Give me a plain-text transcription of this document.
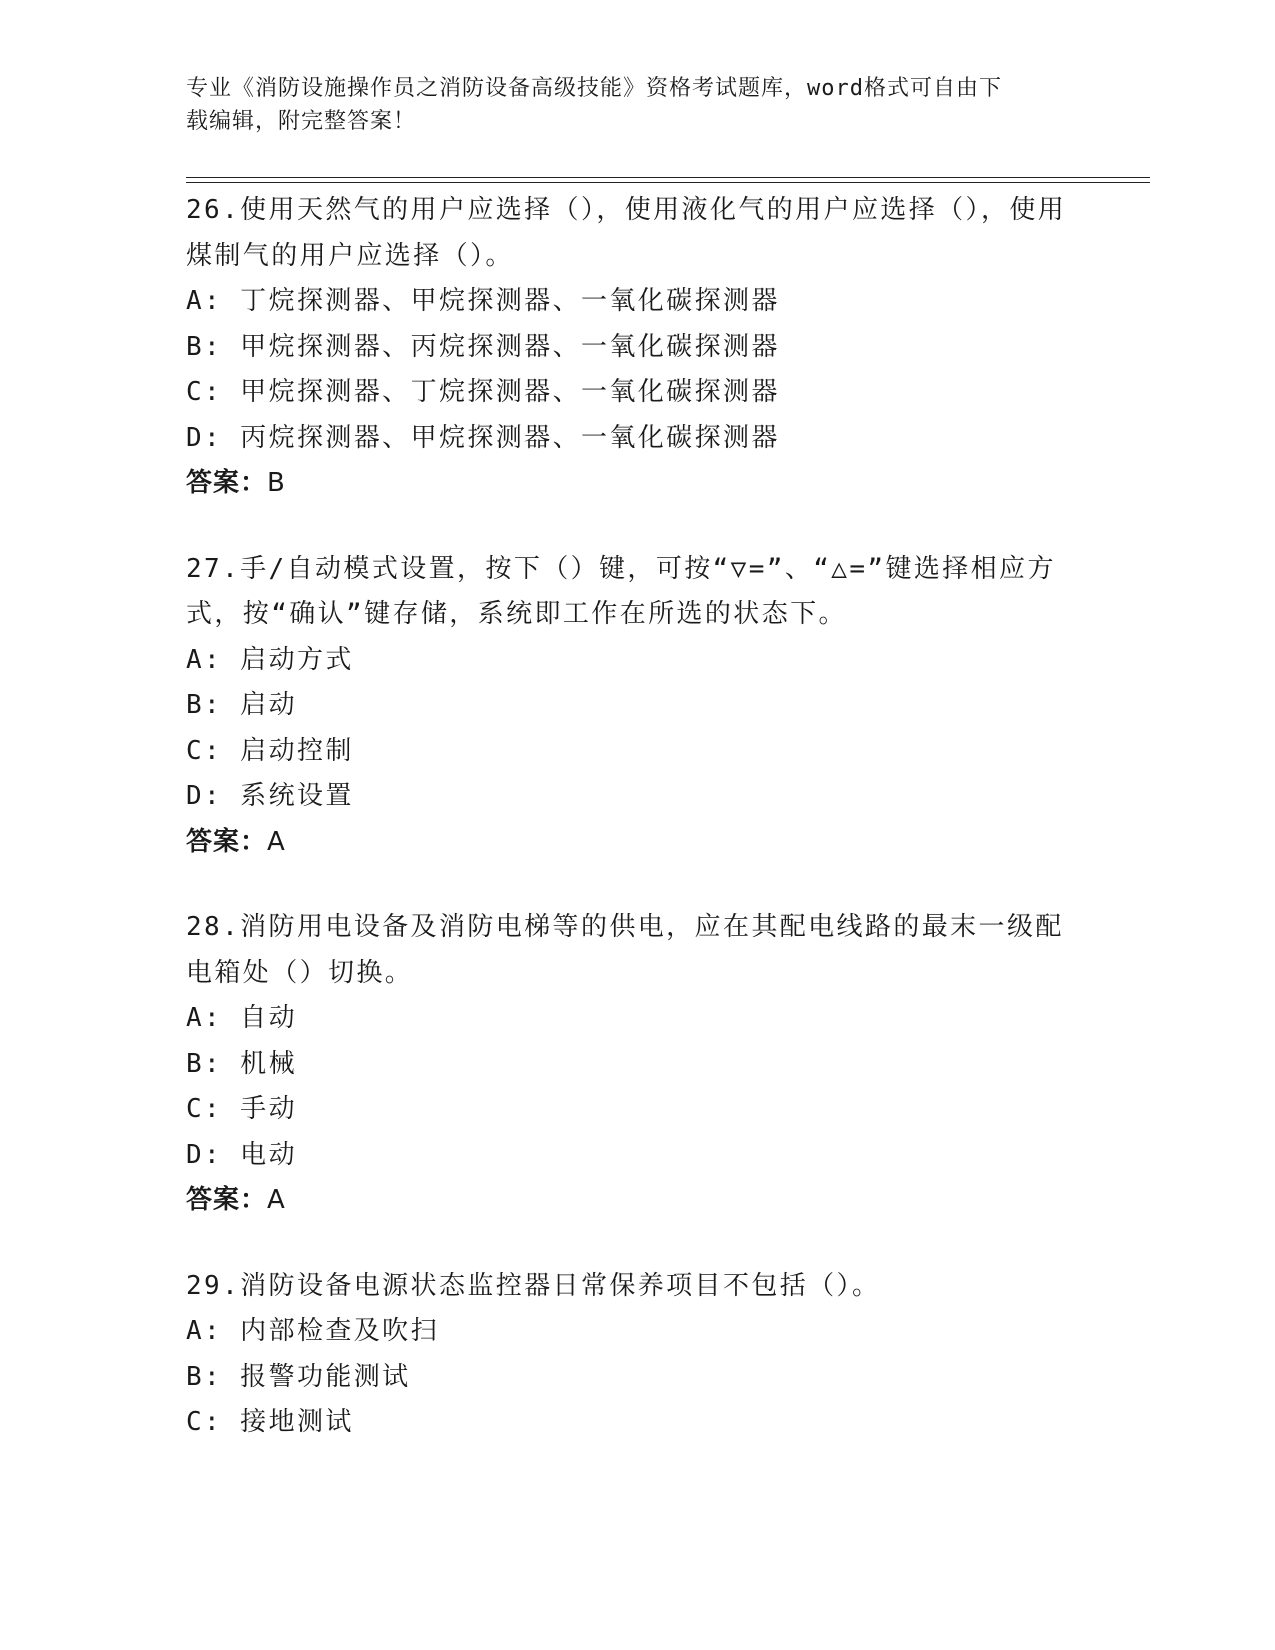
专业《消防设施操作员之消防设备高级技能》资格考试题库，word格式可自由下
载编辑，附完整答案！

26.使用天然气的用户应选择（），使用液化气的用户应选择（），使用煤制气的用户应选择（）。

A: 丁烷探测器、甲烷探测器、一氧化碳探测器

B: 甲烷探测器、丙烷探测器、一氧化碳探测器

C: 甲烷探测器、丁烷探测器、一氧化碳探测器

D: 丙烷探测器、甲烷探测器、一氧化碳探测器

答案：B

27.手/自动模式设置，按下（）键，可按“▽=”、“△=”键选择相应方式，按“确认”键存储，系统即工作在所选的状态下。

A: 启动方式

B: 启动

C: 启动控制

D: 系统设置

答案：A

28.消防用电设备及消防电梯等的供电，应在其配电线路的最末一级配电箱处（）切换。

A: 自动

B: 机械

C: 手动

D: 电动

答案：A

29.消防设备电源状态监控器日常保养项目不包括（）。

A: 内部检查及吹扫

B: 报警功能测试

C: 接地测试
